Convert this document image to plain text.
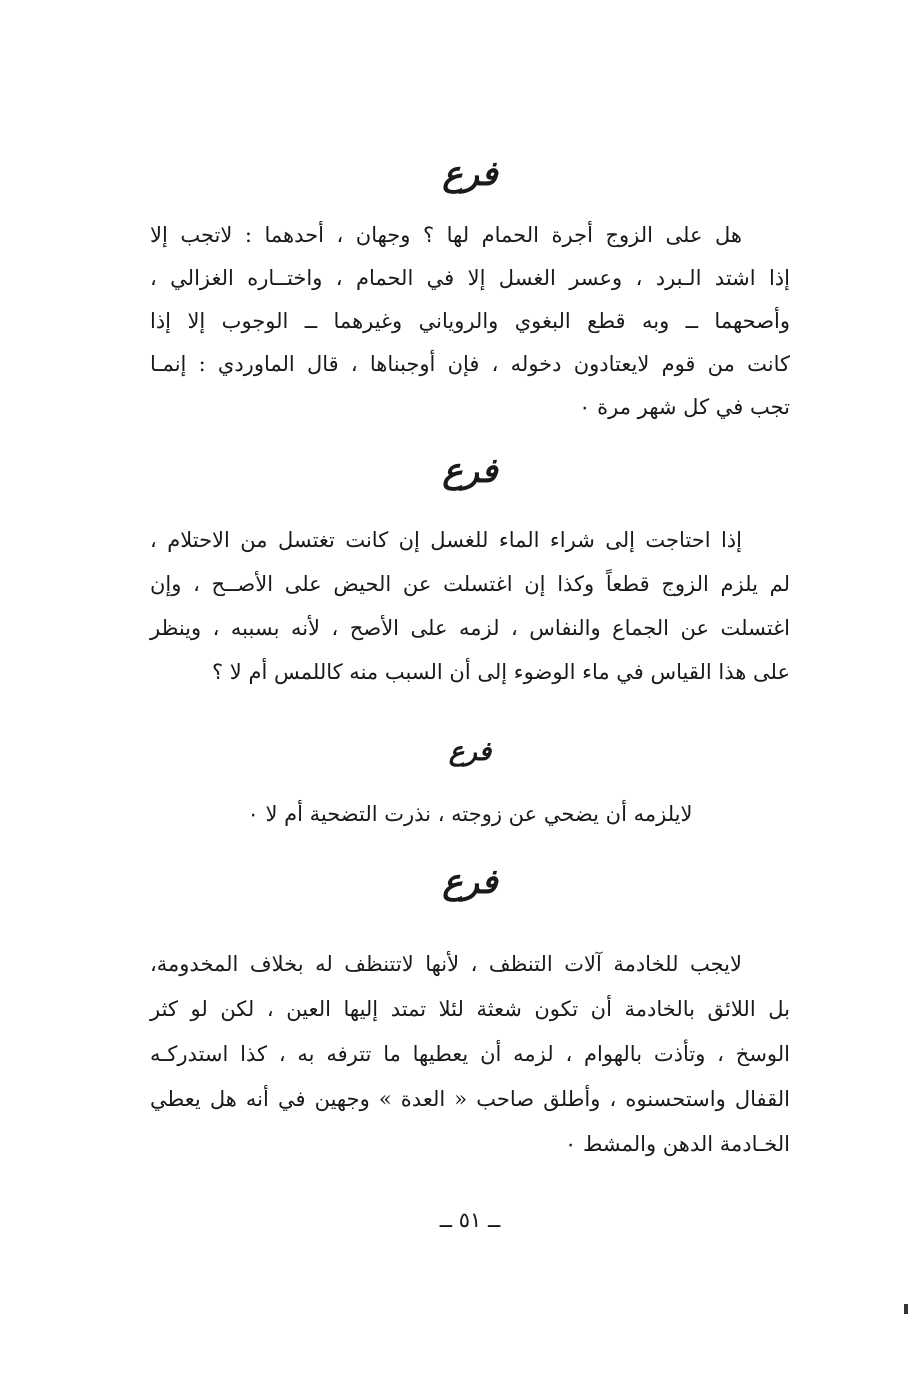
فرع
هل على الزوج أجرة الحمام لها ؟ وجهان ، أحدهما : لاتجب إلا
إذا اشتد الـبرد ، وعسر الغسل إلا في الحمام ، واختــاره الغزالي ،
وأصحهما ــ وبه قطع البغوي والروياني وغيرهما ــ الوجوب إلا إذا
كانت من قوم لايعتادون دخوله ، فإن أوجبناها ، قال الماوردي : إنمـا
تجب في كل شهر مرة ٠
فرع
إذا احتاجت إلى شراء الماء للغسل إن كانت تغتسل من الاحتلام ،
لم يلزم الزوج قطعاً وكذا إن اغتسلت عن الحيض على الأصــح ، وإن
اغتسلت عن الجماع والنفاس ، لزمه على الأصح ، لأنه بسببه ، وينظر
على هذا القياس في ماء الوضوء إلى أن السبب منه كاللمس أم لا ؟
فرع

لايلزمه أن يضحي عن زوجته ، نذرت التضحية أم لا ٠

فرع
لايجب للخادمة آلات التنظف ، لأنها لاتتنظف له بخلاف المخدومة،
بل اللائق بالخادمة أن تكون شعثة لئلا تمتد إليها العين ، لكن لو كثر
الوسخ ، وتأذت بالهوام ، لزمه أن يعطيها ما تترفه به ، كذا استدركـه
القفال واستحسنوه ، وأطلق صاحب « العدة » وجهين في أنه هل يعطي
الخـادمة الدهن والمشط ٠

ــ ٥١ ــ
